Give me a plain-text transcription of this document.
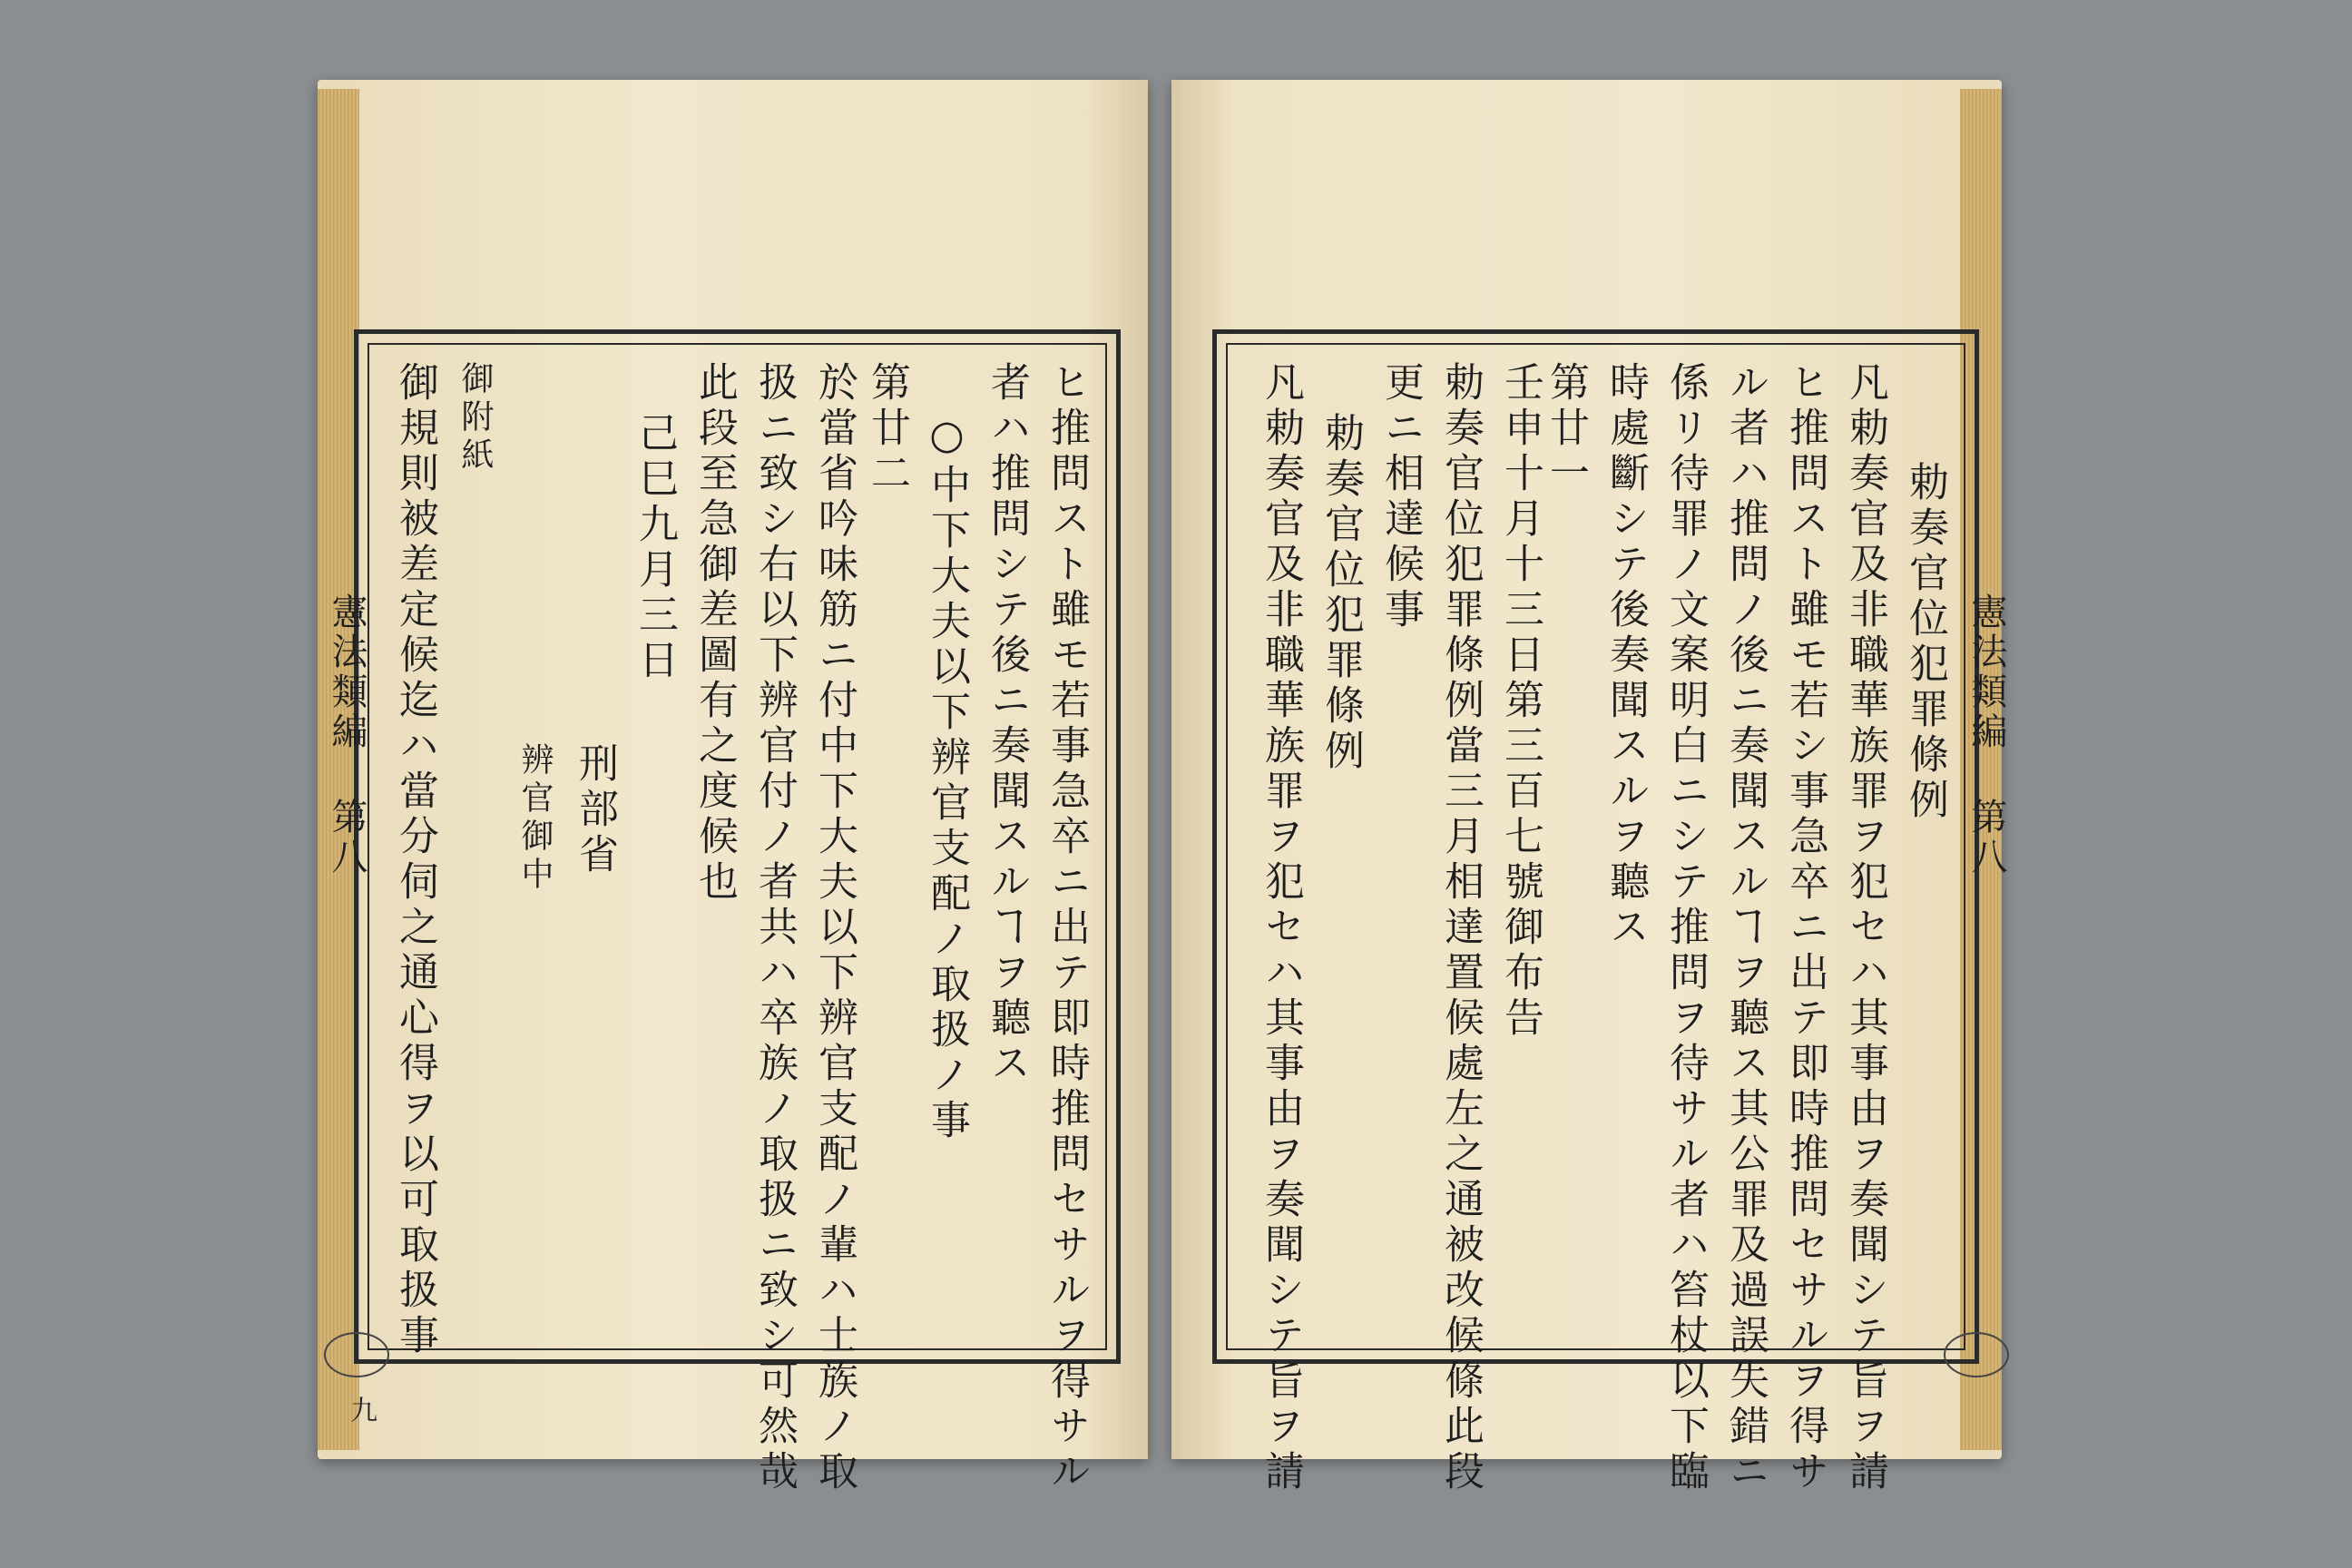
憲法類編 第八
九	ヒ推問スト雖モ若事急卒ニ出テ即時推問セサルヲ得サル
者ハ推問シテ後ニ奏聞スルヿヲ聽ス
○中下大夫以下辨官支配ノ取扱ノ事
第廿二
於當省吟味筋ニ付中下大夫以下辨官支配ノ輩ハ士族ノ取
扱ニ致シ右以下辨官付ノ者共ハ卒族ノ取扱ニ致シ可然哉
此段至急御差圖有之度候也
己巳九月三日
刑部省
辨官御中
御附紙
御規則被差定候迄ハ當分伺之通心得ヲ以可取扱事	憲法類編 第八
勅奏官位犯罪條例
凡勅奏官及非職華族罪ヲ犯セハ其事由ヲ奏聞シテ旨ヲ請
ヒ推問スト雖モ若シ事急卒ニ出テ即時推問セサルヲ得サ
ル者ハ推問ノ後ニ奏聞スルヿヲ聽ス其公罪及過誤失錯ニ
係リ待罪ノ文案明白ニシテ推問ヲ待サル者ハ笞杖以下臨
時處斷シテ後奏聞スルヲ聽ス
第廿一
壬申十月十三日第三百七號御布告
勅奏官位犯罪條例當三月相達置候處左之通被改候條此段
更ニ相達候事
勅奏官位犯罪條例
凡勅奏官及非職華族罪ヲ犯セハ其事由ヲ奏聞シテ旨ヲ請
